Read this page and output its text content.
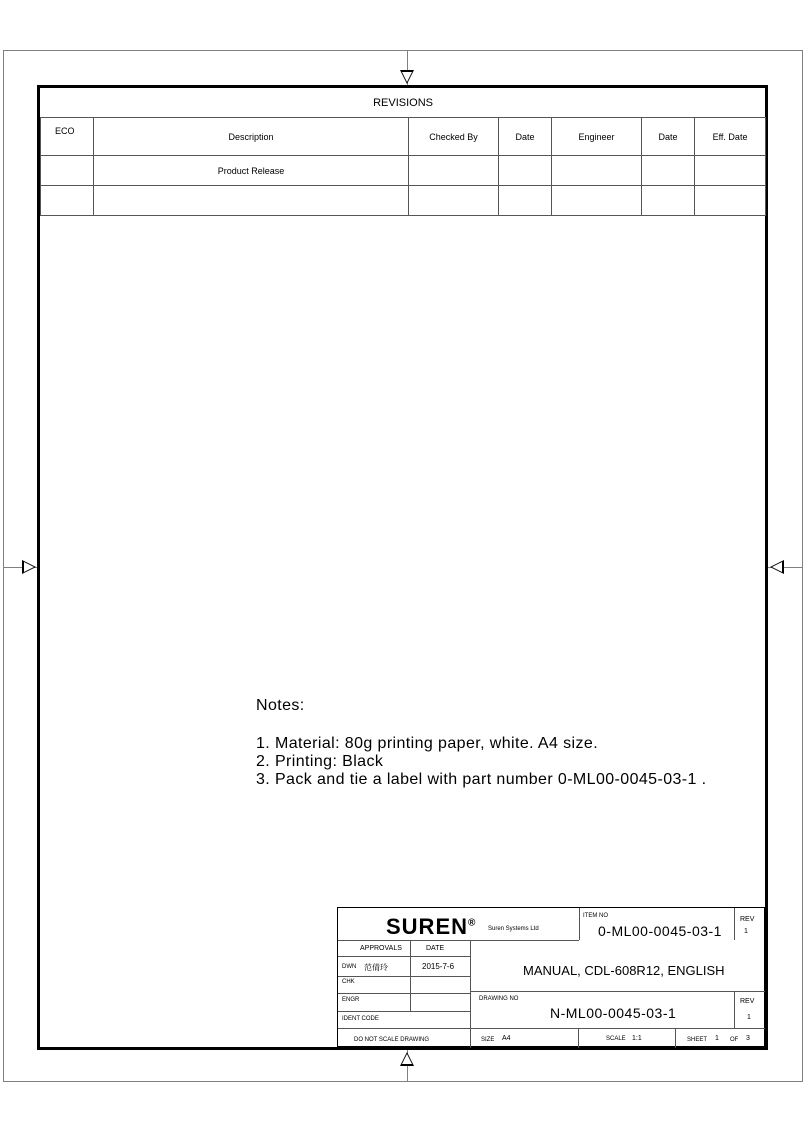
REVISIONS						
ECO	Description	Checked By	Date	Engineer	Date	Eff. Date
	Product Release					

Notes:
1. Material: 80g printing paper, white. A4 size.
2. Printing: Black
3. Pack and tie a label with part number 0-ML00-0045-03-1 .
SUREN®
Suren Systems Ltd
ITEM NO
0-ML00-0045-03-1
REV
1
APPROVALS	DATE
DWN 范倩玲	2015-7-6
CHK
ENGR
IDENT CODE
DO NOT SCALE DRAWING
MANUAL, CDL-608R12, ENGLISH
DRAWING NO
N-ML00-0045-03-1
REV
1
SIZE A4	SCALE 1:1	SHEET 1 OF 3
